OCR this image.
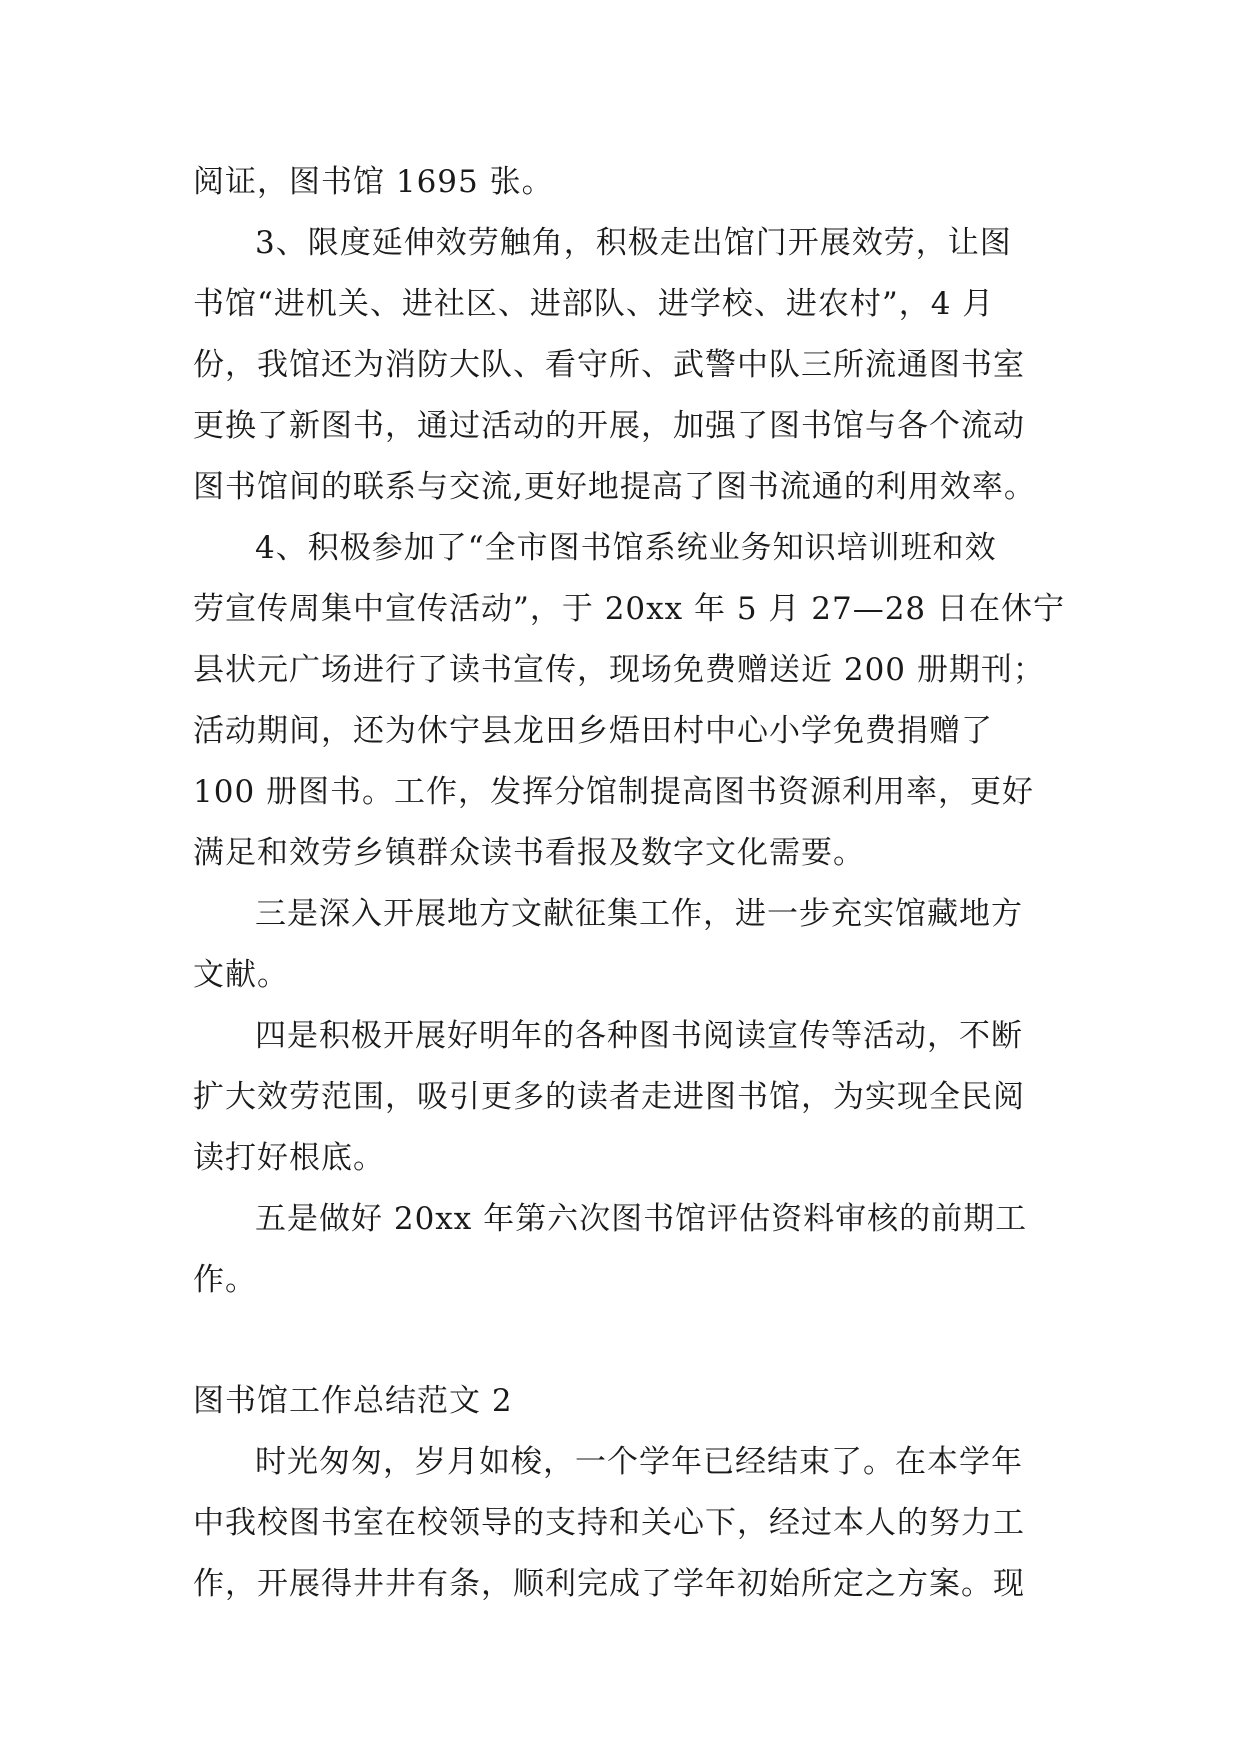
阅证，图书馆 1695 张。
3、限度延伸效劳触角，积极走出馆门开展效劳，让图
书馆“进机关、进社区、进部队、进学校、进农村”，4 月
份，我馆还为消防大队、看守所、武警中队三所流通图书室
更换了新图书，通过活动的开展，加强了图书馆与各个流动
图书馆间的联系与交流,更好地提高了图书流通的利用效率。
4、积极参加了“全市图书馆系统业务知识培训班和效
劳宣传周集中宣传活动”，于 20xx 年 5 月 27—28 日在休宁
县状元广场进行了读书宣传，现场免费赠送近 200 册期刊；
活动期间，还为休宁县龙田乡焐田村中心小学免费捐赠了
100 册图书。工作，发挥分馆制提高图书资源利用率，更好
满足和效劳乡镇群众读书看报及数字文化需要。
三是深入开展地方文献征集工作，进一步充实馆藏地方
文献。
四是积极开展好明年的各种图书阅读宣传等活动，不断
扩大效劳范围，吸引更多的读者走进图书馆，为实现全民阅
读打好根底。
五是做好 20xx 年第六次图书馆评估资料审核的前期工
作。
图书馆工作总结范文 2
时光匆匆，岁月如梭，一个学年已经结束了。在本学年
中我校图书室在校领导的支持和关心下，经过本人的努力工
作，开展得井井有条，顺利完成了学年初始所定之方案。现
